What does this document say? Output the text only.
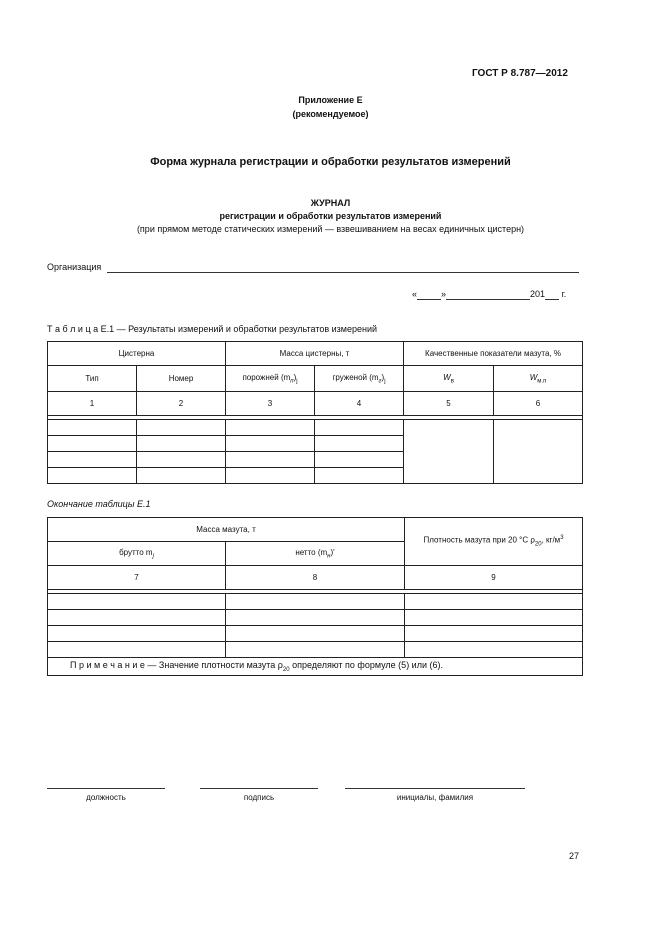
ГОСТ Р 8.787—2012
Приложение Е
(рекомендуемое)
Форма журнала регистрации и обработки результатов измерений
ЖУРНАЛ
регистрации и обработки результатов измерений
(при прямом методе статических измерений — взвешиванием на весах единичных цистерн)
Организация
«	»	201 г.
Т а б л и ц а Е.1 — Результаты измерений и обработки результатов измерений
Цистерна		Масса цистерны, т		Качественные показатели мазута, %	
Тип	Номер	порожней $(m_п)_j$	груженой $(m_г)_j$	$W_в$	$W_{м.п}$
1	2	3	4	5	6

Окончание таблицы Е.1
Масса мазута, т		Плотность мазута при 20 °С $\rho_{20}$, $кг/м^3$
брутто $m_j$	нетто $(m_н)'$	
7	8	9

П р и м е ч а н и е — Значение плотности мазута $\rho_{20}$ определяют по формуле (5) или (6).		
должность	подпись	инициалы, фамилия
27
